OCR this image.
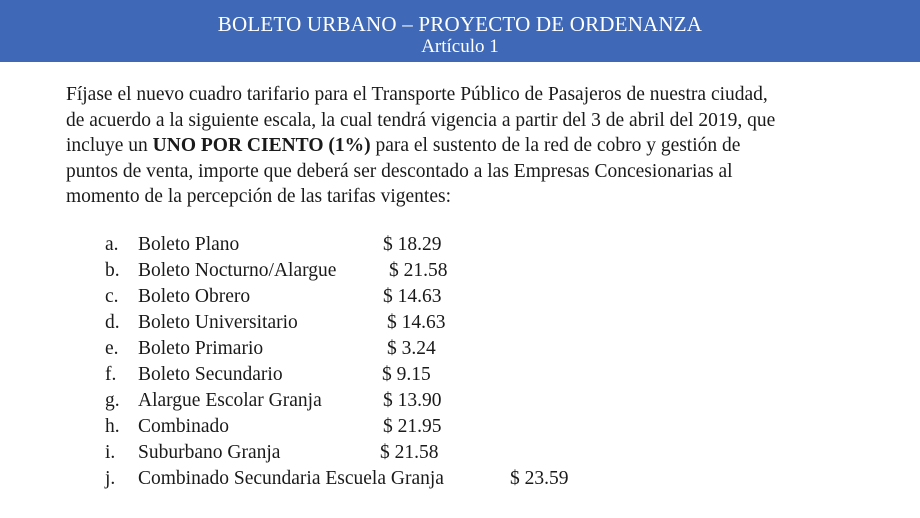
BOLETO URBANO – PROYECTO DE ORDENANZA
Artículo 1
Fíjase el nuevo cuadro tarifario para el Transporte Público de Pasajeros de nuestra ciudad,
de acuerdo a la siguiente escala, la cual tendrá vigencia a partir del 3 de abril del 2019, que
incluye un UNO POR CIENTO (1%) para el sustento de la red de cobro y gestión de
puntos de venta, importe que deberá ser descontado a las Empresas Concesionarias al
momento de la percepción de las tarifas vigentes:
a. Boleto Plano	$ 18.29
b. Boleto Nocturno/Alargue	$ 21.58
c. Boleto Obrero	$ 14.63
d. Boleto Universitario	$ 14.63
e. Boleto Primario	$ 3.24
f. Boleto Secundario	$ 9.15
g. Alargue Escolar Granja	$ 13.90
h. Combinado	$ 21.95
i. Suburbano Granja	$ 21.58
j. Combinado Secundaria Escuela Granja	$ 23.59
